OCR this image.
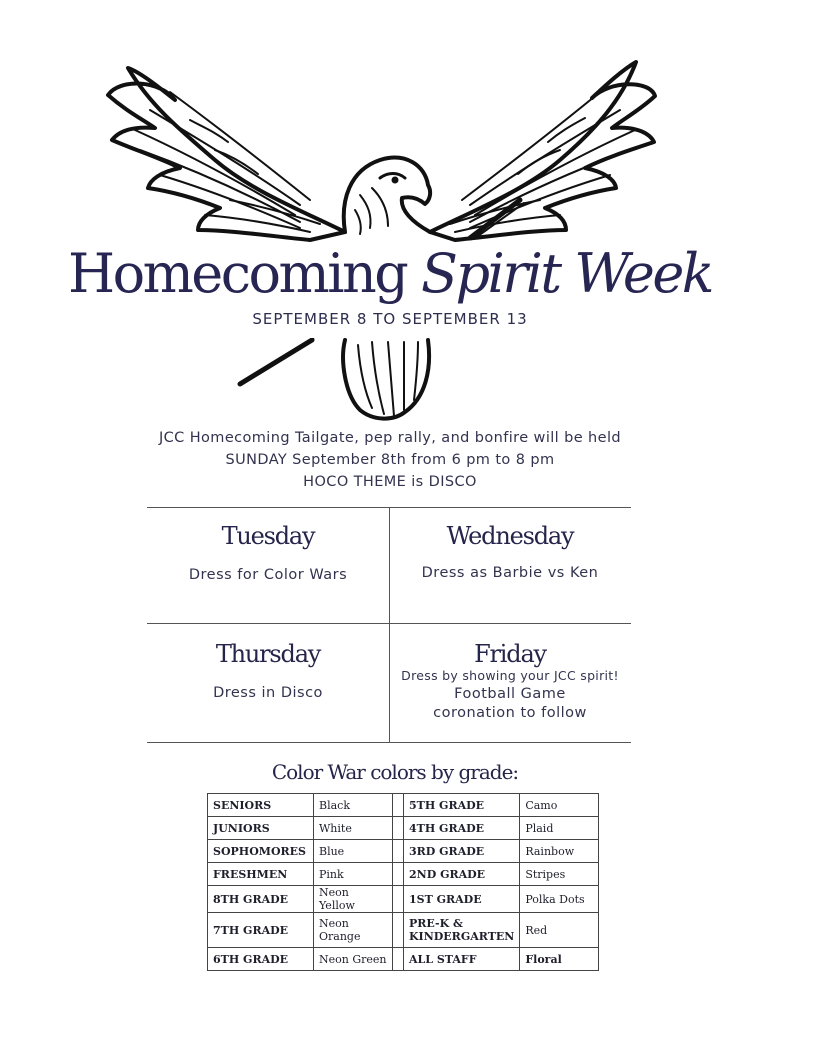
Homecoming Spirit Week
SEPTEMBER 8 TO SEPTEMBER 13
JCC Homecoming Tailgate, pep rally, and bonfire will be held
SUNDAY September 8th from 6 pm to 8 pm
HOCO THEME is DISCO
Tuesday
Dress for Color Wars
Wednesday
Dress as Barbie vs Ken
Thursday
Dress in Disco
Friday
Dress by showing your JCC spirit!
Football Game
coronation to follow
Color War colors by grade:
SENIORS	Black		5TH GRADE	Camo
JUNIORS	White		4TH GRADE	Plaid
SOPHOMORES	Blue		3RD GRADE	Rainbow
FRESHMEN	Pink		2ND GRADE	Stripes
8TH GRADE	Neon Yellow		1ST GRADE	Polka Dots
7TH GRADE	Neon Orange		PRE-K & KINDERGARTEN	Red
6TH GRADE	Neon Green		ALL STAFF	Floral
